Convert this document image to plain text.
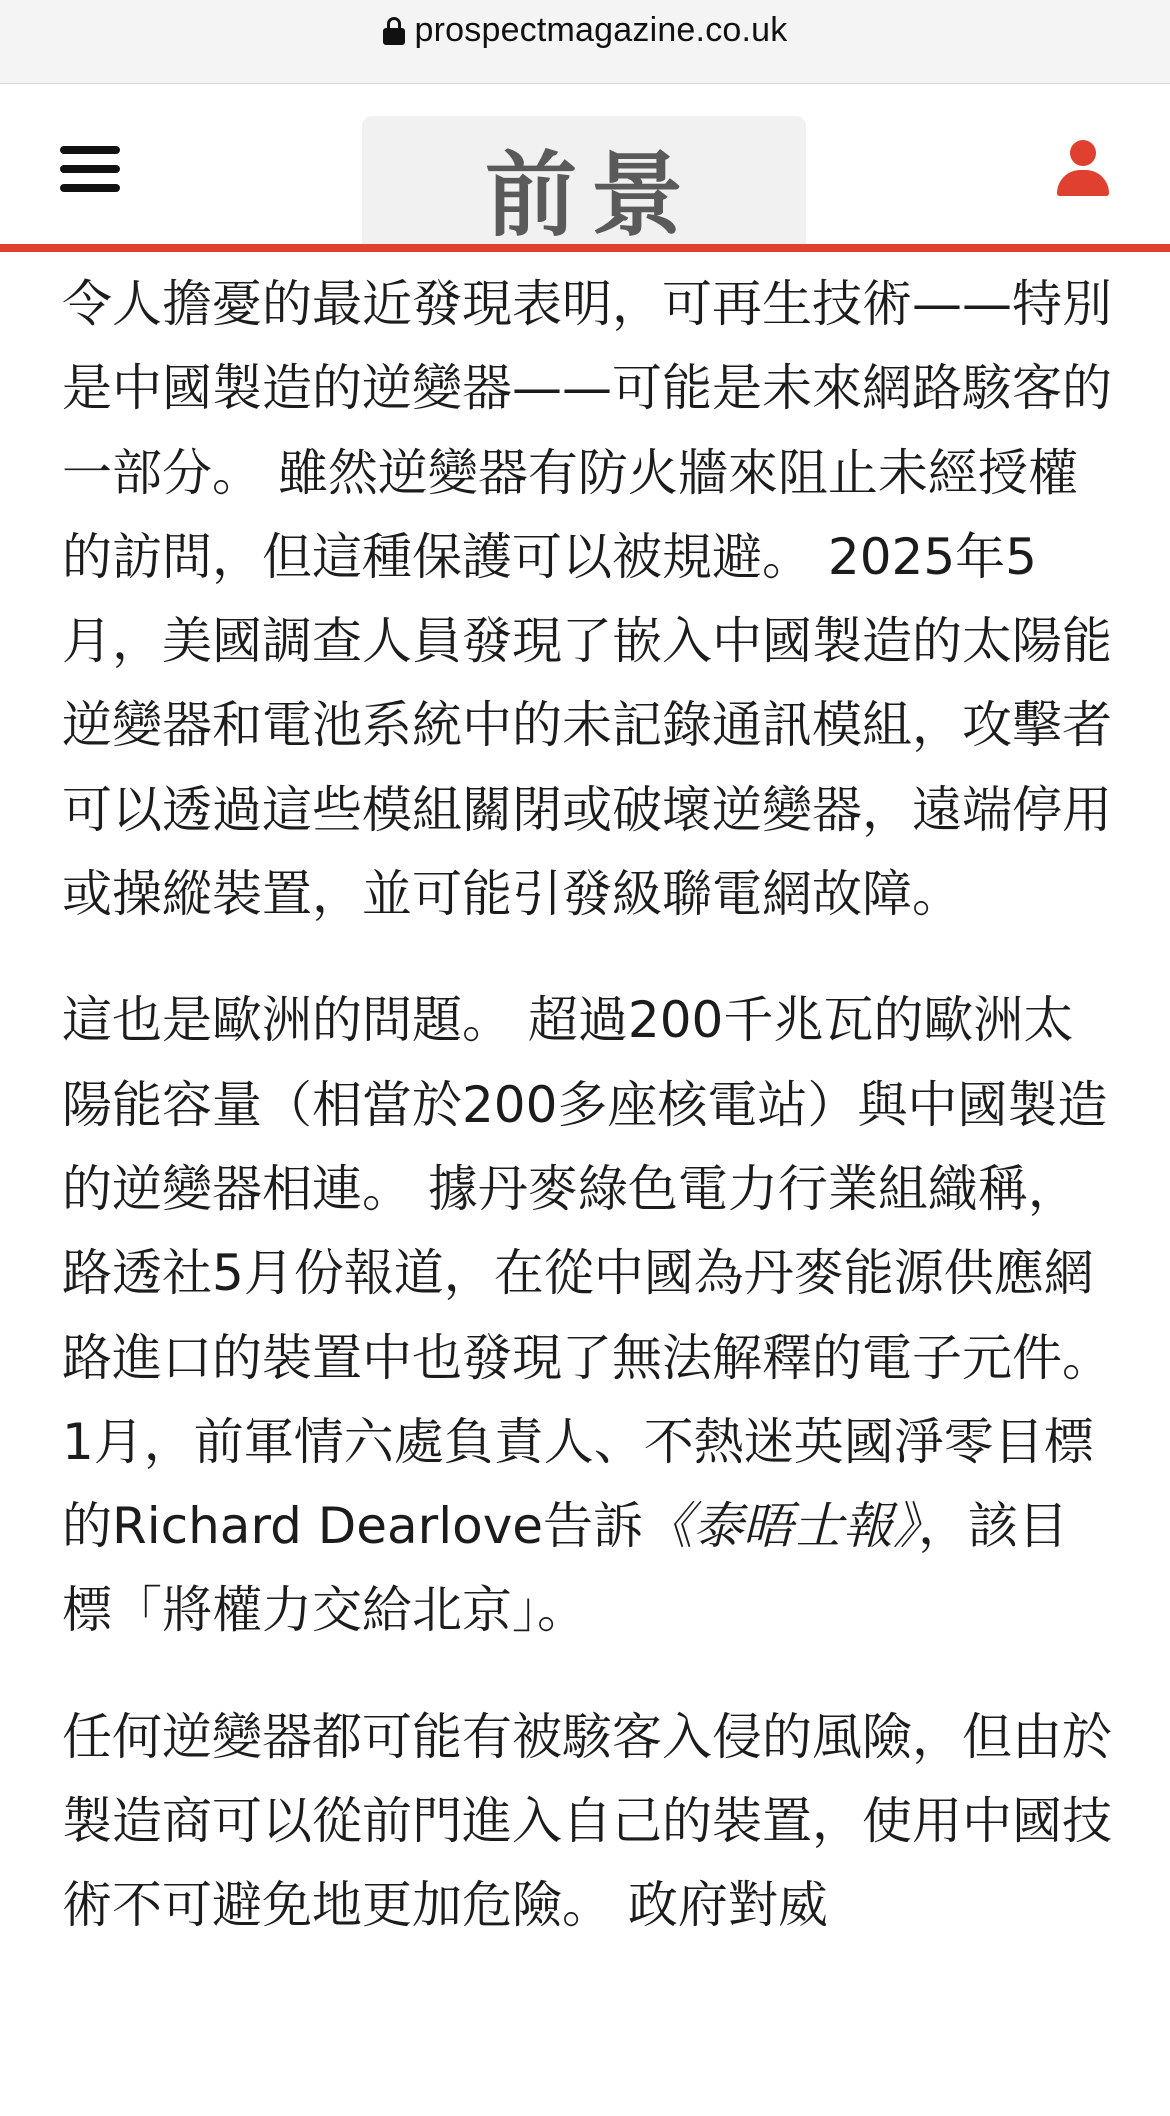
prospectmagazine.co.uk
前景

令人擔憂的最近發現表明，可再生技術——特別是中國製造的逆變器——可能是未來網路駭客的一部分。 雖然逆變器有防火牆來阻止未經授權的訪問，但這種保護可以被規避。 2025年5月，美國調查人員發現了嵌入中國製造的太陽能逆變器和電池系統中的未記錄通訊模組，攻擊者可以透過這些模組關閉或破壞逆變器，遠端停用或操縱裝置，並可能引發級聯電網故障。

這也是歐洲的問題。 超過200千兆瓦的歐洲太陽能容量（相當於200多座核電站）與中國製造的逆變器相連。 據丹麥綠色電力行業組織稱，路透社5月份報道，在從中國為丹麥能源供應網路進口的裝置中也發現了無法解釋的電子元件。 1月，前軍情六處負責人、不熱迷英國淨零目標的Richard Dearlove告訴《泰晤士報》，該目標「將權力交給北京」。

任何逆變器都可能有被駭客入侵的風險，但由於製造商可以從前門進入自己的裝置，使用中國技術不可避免地更加危險。 政府對威
